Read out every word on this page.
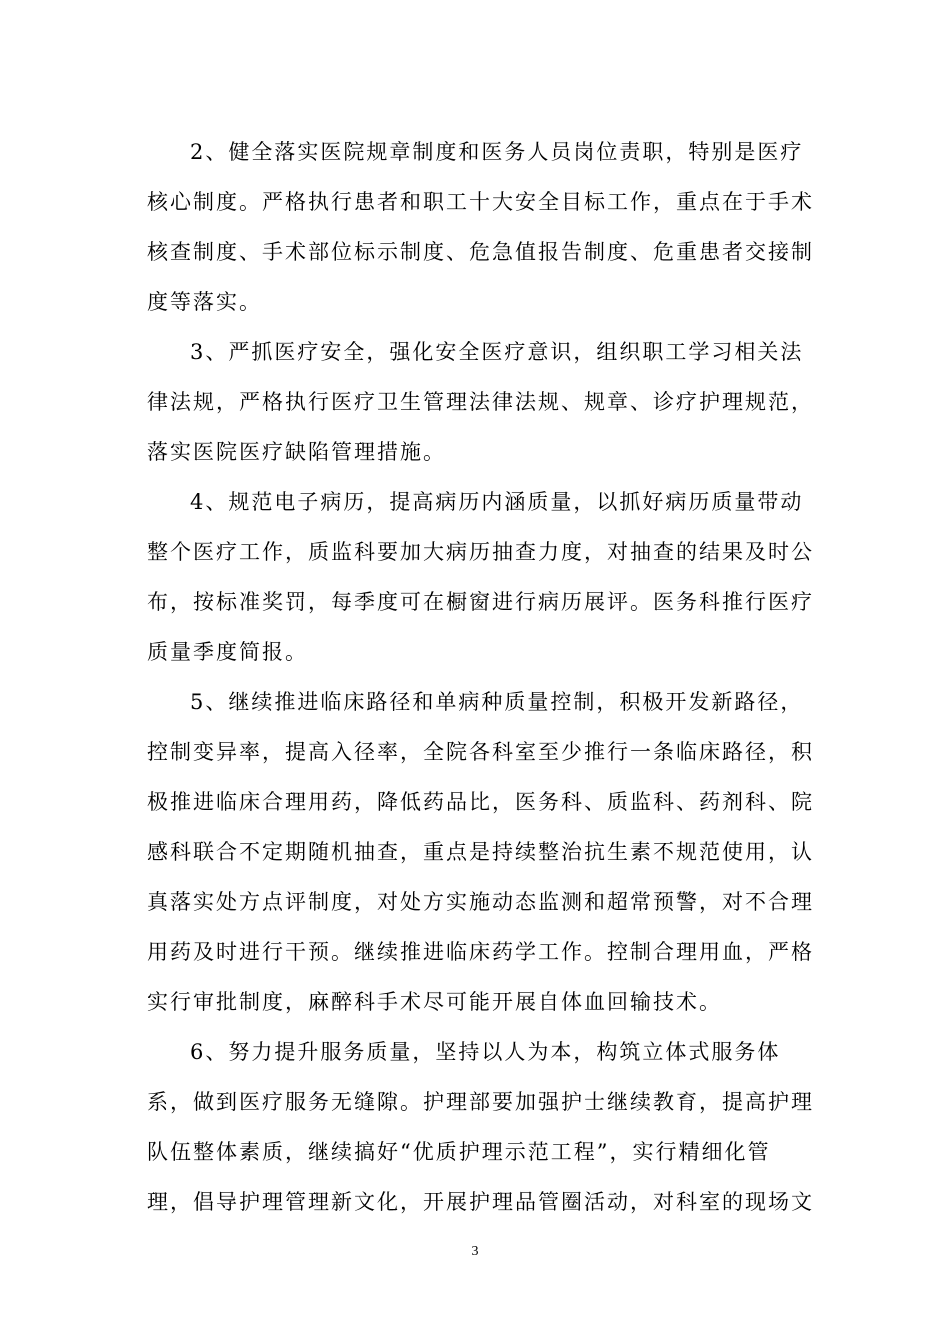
2、健全落实医院规章制度和医务人员岗位责职，特别是医疗
核心制度。严格执行患者和职工十大安全目标工作，重点在于手术
核查制度、手术部位标示制度、危急值报告制度、危重患者交接制
度等落实。
3、严抓医疗安全，强化安全医疗意识，组织职工学习相关法
律法规，严格执行医疗卫生管理法律法规、规章、诊疗护理规范，
落实医院医疗缺陷管理措施。
4、规范电子病历，提高病历内涵质量，以抓好病历质量带动
整个医疗工作，质监科要加大病历抽查力度，对抽查的结果及时公
布，按标准奖罚，每季度可在橱窗进行病历展评。医务科推行医疗
质量季度简报。
5、继续推进临床路径和单病种质量控制，积极开发新路径，
控制变异率，提高入径率，全院各科室至少推行一条临床路径，积
极推进临床合理用药，降低药品比，医务科、质监科、药剂科、院
感科联合不定期随机抽查，重点是持续整治抗生素不规范使用，认
真落实处方点评制度，对处方实施动态监测和超常预警，对不合理
用药及时进行干预。继续推进临床药学工作。控制合理用血，严格
实行审批制度，麻醉科手术尽可能开展自体血回输技术。
6、努力提升服务质量，坚持以人为本，构筑立体式服务体
系，做到医疗服务无缝隙。护理部要加强护士继续教育，提高护理
队伍整体素质，继续搞好“优质护理示范工程”，实行精细化管
理，倡导护理管理新文化，开展护理品管圈活动，对科室的现场文
3
